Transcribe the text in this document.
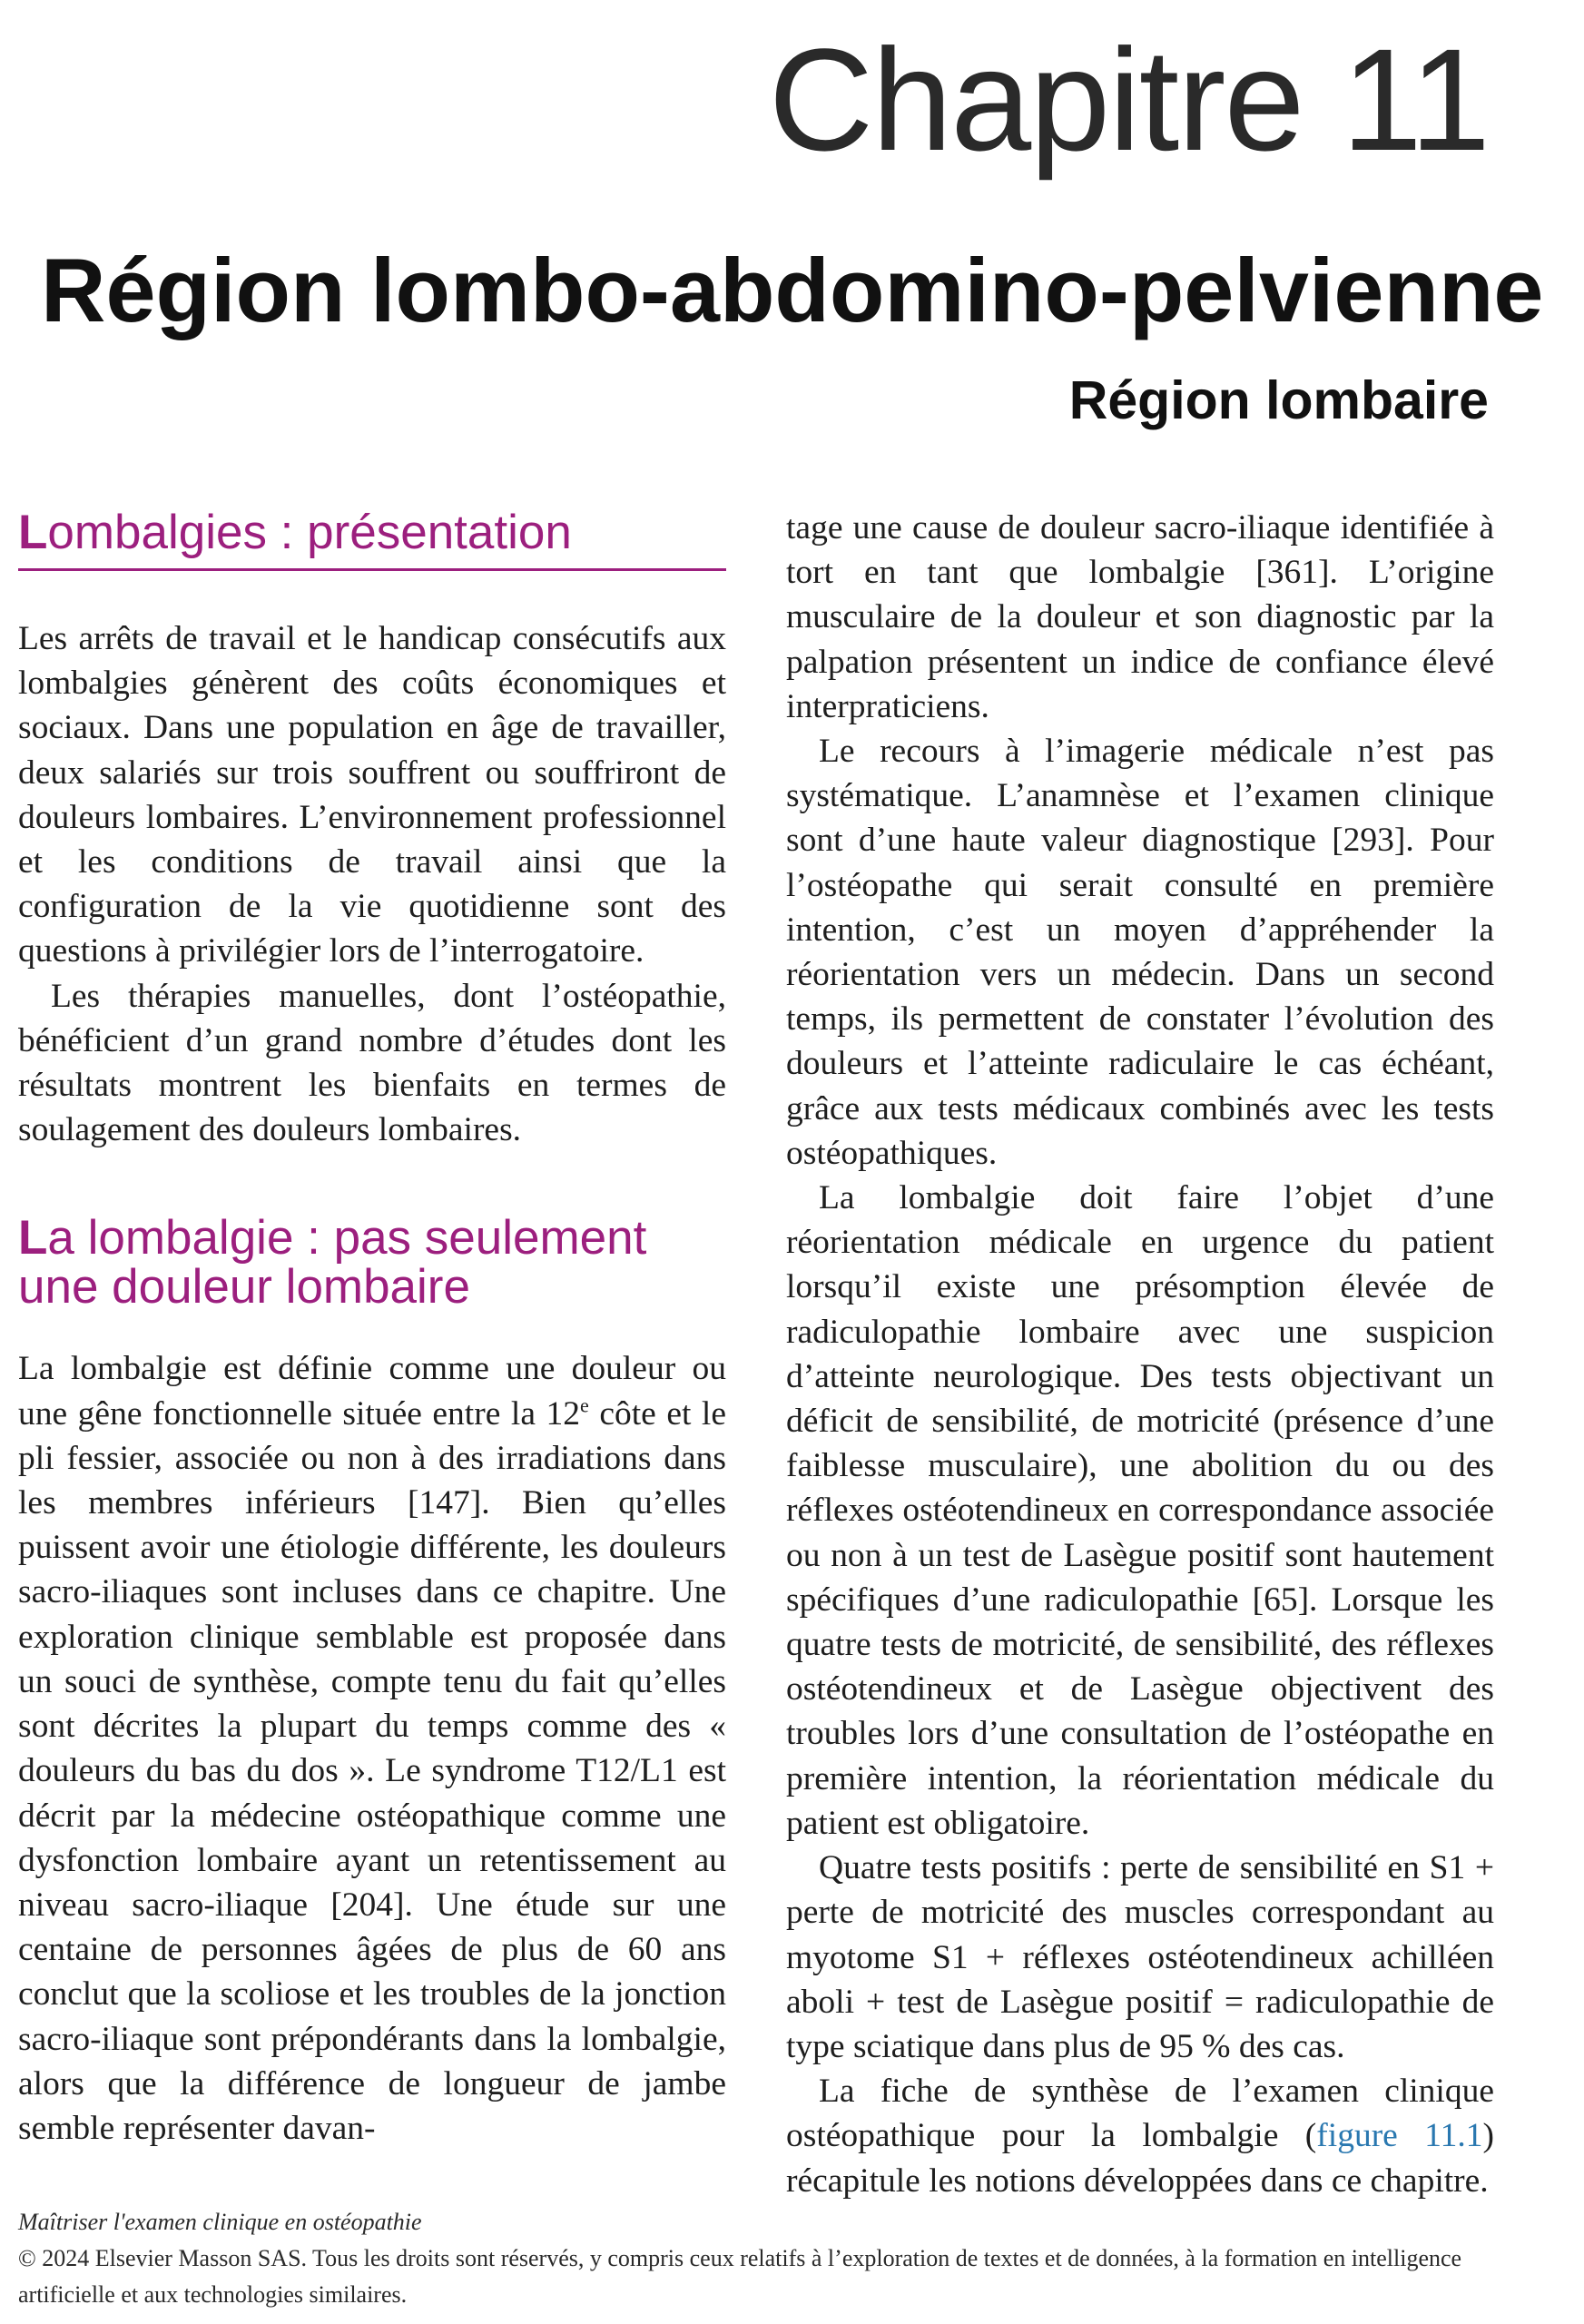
Chapitre 11
Région lombo-abdomino-pelvienne
Région lombaire
Lombalgies : présentation

Les arrêts de travail et le handicap consécutifs aux lombalgies génèrent des coûts économiques et sociaux. Dans une population en âge de travailler, deux salariés sur trois souffrent ou souffriront de douleurs lombaires. L’environnement professionnel et les conditions de travail ainsi que la configuration de la vie quotidienne sont des questions à privilégier lors de l’interrogatoire.

Les thérapies manuelles, dont l’ostéopathie, bénéficient d’un grand nombre d’études dont les résultats montrent les bienfaits en termes de soulagement des douleurs lombaires.

La lombalgie : pas seulement
une douleur lombaire

La lombalgie est définie comme une douleur ou une gêne fonctionnelle située entre la 12e côte et le pli fessier, associée ou non à des irradiations dans les membres inférieurs [147]. Bien qu’elles puissent avoir une étiologie différente, les douleurs sacro-iliaques sont incluses dans ce chapitre. Une exploration clinique semblable est proposée dans un souci de synthèse, compte tenu du fait qu’elles sont décrites la plupart du temps comme des « douleurs du bas du dos ». Le syndrome T12/L1 est décrit par la médecine ostéopathique comme une dysfonction lombaire ayant un retentissement au niveau sacro-iliaque [204]. Une étude sur une centaine de personnes âgées de plus de 60 ans conclut que la scoliose et les troubles de la jonction sacro-iliaque sont prépondérants dans la lombalgie, alors que la différence de longueur de jambe semble représenter davan-

tage une cause de douleur sacro-iliaque identifiée à tort en tant que lombalgie [361]. L’origine musculaire de la douleur et son diagnostic par la palpation présentent un indice de confiance élevé interpraticiens.

Le recours à l’imagerie médicale n’est pas systématique. L’anamnèse et l’examen clinique sont d’une haute valeur diagnostique [293]. Pour l’ostéopathe qui serait consulté en première intention, c’est un moyen d’appréhender la réorientation vers un médecin. Dans un second temps, ils permettent de constater l’évolution des douleurs et l’atteinte radiculaire le cas échéant, grâce aux tests médicaux combinés avec les tests ostéopathiques.

La lombalgie doit faire l’objet d’une réorientation médicale en urgence du patient lorsqu’il existe une présomption élevée de radiculopathie lombaire avec une suspicion d’atteinte neurologique. Des tests objectivant un déficit de sensibilité, de motricité (présence d’une faiblesse musculaire), une abolition du ou des réflexes ostéotendineux en correspondance associée ou non à un test de Lasègue positif sont hautement spécifiques d’une radiculopathie [65]. Lorsque les quatre tests de motricité, de sensibilité, des réflexes ostéotendineux et de Lasègue objectivent des troubles lors d’une consultation de l’ostéopathe en première intention, la réorientation médicale du patient est obligatoire.

Quatre tests positifs : perte de sensibilité en S1 + perte de motricité des muscles correspondant au myotome S1 + réflexes ostéotendineux achilléen aboli + test de Lasègue positif = radiculopathie de type sciatique dans plus de 95 % des cas.

La fiche de synthèse de l’examen clinique ostéopathique pour la lombalgie (figure 11.1) récapitule les notions développées dans ce chapitre.

Maîtriser l'examen clinique en ostéopathie
© 2024 Elsevier Masson SAS. Tous les droits sont réservés, y compris ceux relatifs à l’exploration de textes et de données, à la formation en intelligence artificielle et aux technologies similaires.
